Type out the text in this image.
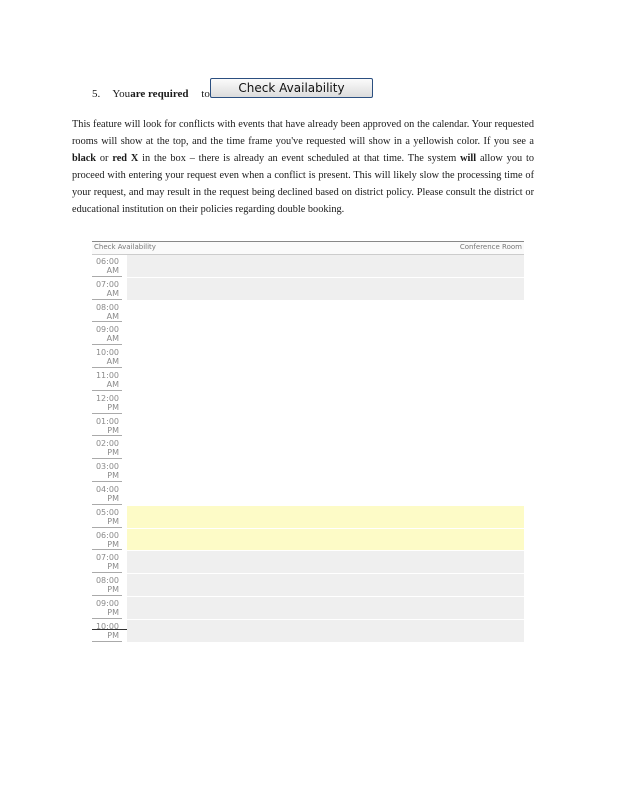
5. Youare required to	Check Availability
This feature will look for conflicts with events that have already been approved on the calendar. Your requested rooms will show at the top, and the time frame you've requested will show in a yellowish color. If you see a black or red X in the box – there is already an event scheduled at that time. The system will allow you to proceed with entering your request even when a conflict is present. This will likely slow the processing time of your request, and may result in the request being declined based on district policy. Please consult the district or educational institution on their policies regarding double booking.
Check Availability	Conference Room
06:00
AM
07:00
AM
08:00
AM
09:00
AM
10:00
AM
11:00
AM
12:00
PM
01:00
PM
02:00
PM
03:00
PM
04:00
PM
05:00
PM
06:00
PM
07:00
PM
08:00
PM
09:00
PM
10:00
PM
